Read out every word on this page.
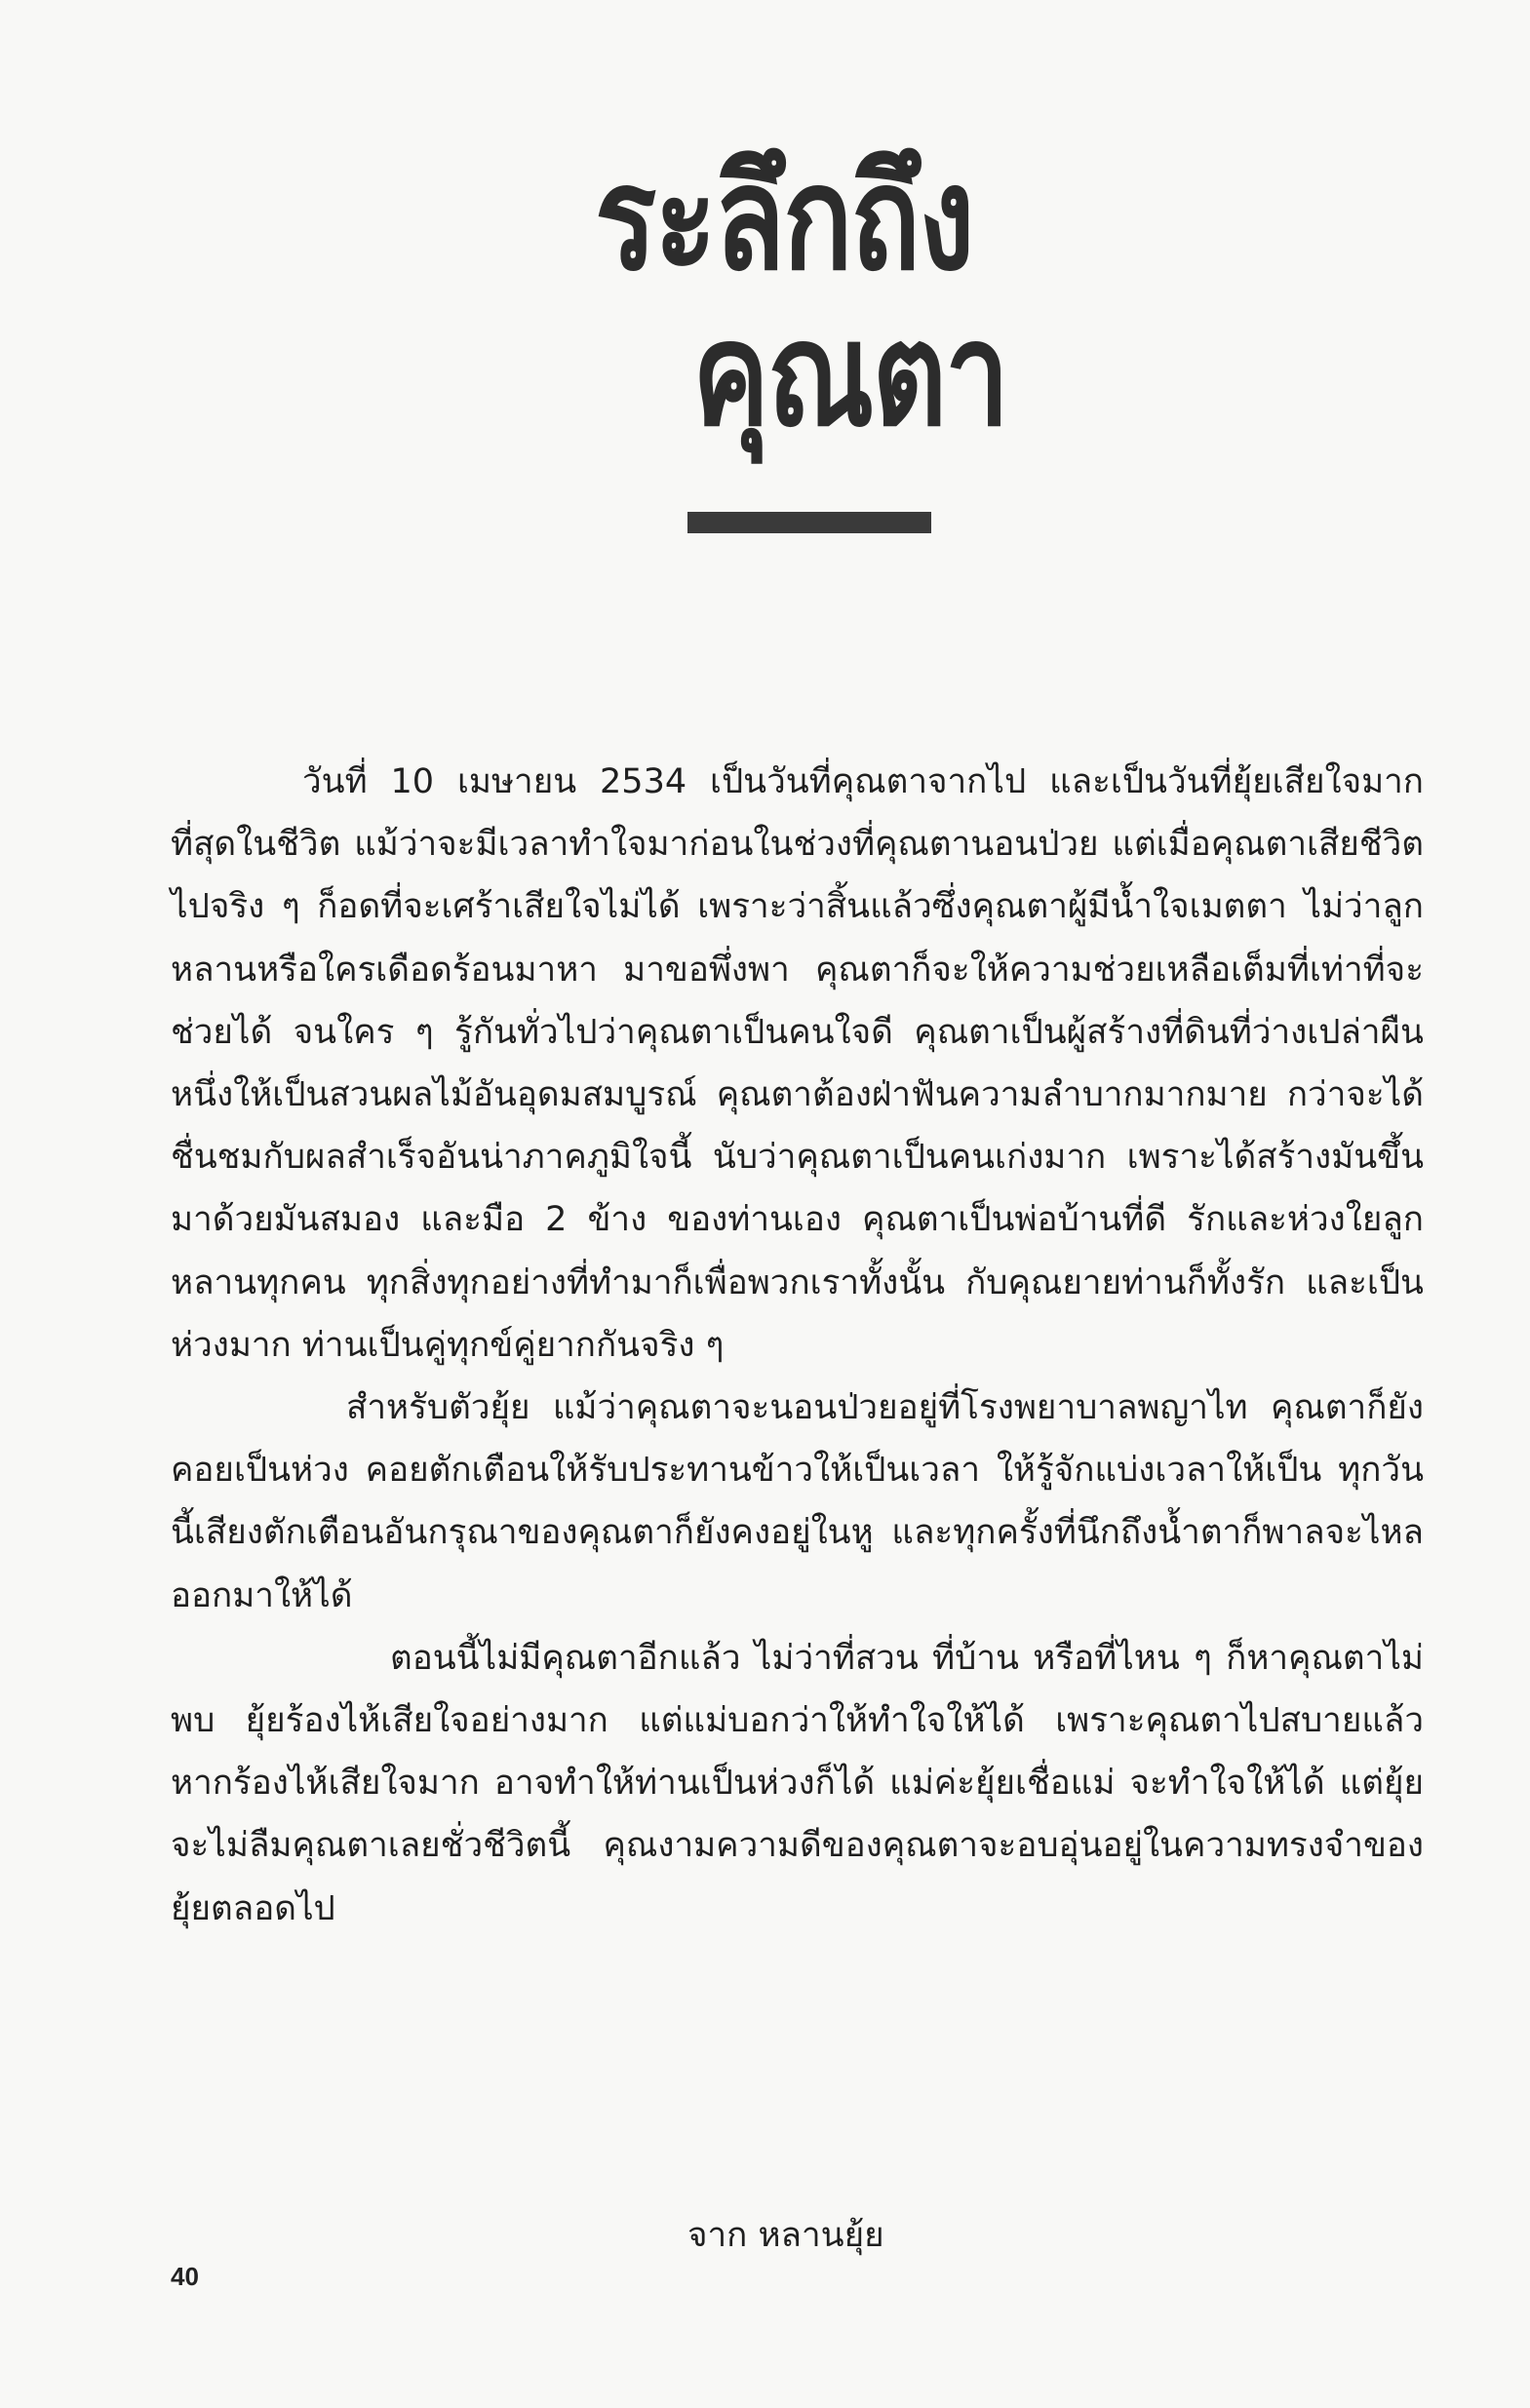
ระลึกถึง
คุณตา

วันที่ 10 เมษายน 2534 เป็นวันที่คุณตาจากไป และเป็นวันที่ยุ้ยเสียใจมากที่สุดในชีวิต แม้ว่าจะมีเวลาทำใจมาก่อนในช่วงที่คุณตานอนป่วย แต่เมื่อคุณตาเสียชีวิตไปจริง ๆ ก็อดที่จะเศร้าเสียใจไม่ได้ เพราะว่าสิ้นแล้วซึ่งคุณตาผู้มีน้ำใจเมตตา ไม่ว่าลูกหลานหรือใครเดือดร้อนมาหา มาขอพึ่งพา คุณตาก็จะให้ความช่วยเหลือเต็มที่เท่าที่จะช่วยได้ จนใคร ๆ รู้กันทั่วไปว่าคุณตาเป็นคนใจดี คุณตาเป็นผู้สร้างที่ดินที่ว่างเปล่าผืนหนึ่งให้เป็นสวนผลไม้อันอุดมสมบูรณ์ คุณตาต้องฝ่าฟันความลำบากมากมาย กว่าจะได้ชื่นชมกับผลสำเร็จอันน่าภาคภูมิใจนี้ นับว่าคุณตาเป็นคนเก่งมาก เพราะได้สร้างมันขึ้นมาด้วยมันสมอง และมือ 2 ข้าง ของท่านเอง คุณตาเป็นพ่อบ้านที่ดี รักและห่วงใยลูกหลานทุกคน ทุกสิ่งทุกอย่างที่ทำมาก็เพื่อพวกเราทั้งนั้น กับคุณยายท่านก็ทั้งรัก และเป็นห่วงมาก ท่านเป็นคู่ทุกข์คู่ยากกันจริง ๆ

สำหรับตัวยุ้ย แม้ว่าคุณตาจะนอนป่วยอยู่ที่โรงพยาบาลพญาไท คุณตาก็ยังคอยเป็นห่วง คอยตักเตือนให้รับประทานข้าวให้เป็นเวลา ให้รู้จักแบ่งเวลาให้เป็น ทุกวันนี้เสียงตักเตือนอันกรุณาของคุณตาก็ยังคงอยู่ในหู และทุกครั้งที่นึกถึงน้ำตาก็พาลจะไหลออกมาให้ได้

ตอนนี้ไม่มีคุณตาอีกแล้ว ไม่ว่าที่สวน ที่บ้าน หรือที่ไหน ๆ ก็หาคุณตาไม่พบ ยุ้ยร้องไห้เสียใจอย่างมาก แต่แม่บอกว่าให้ทำใจให้ได้ เพราะคุณตาไปสบายแล้ว หากร้องไห้เสียใจมาก อาจทำให้ท่านเป็นห่วงก็ได้ แม่ค่ะยุ้ยเชื่อแม่ จะทำใจให้ได้ แต่ยุ้ยจะไม่ลืมคุณตาเลยชั่วชีวิตนี้ คุณงามความดีของคุณตาจะอบอุ่นอยู่ในความทรงจำของยุ้ยตลอดไป

จาก หลานยุ้ย
40
